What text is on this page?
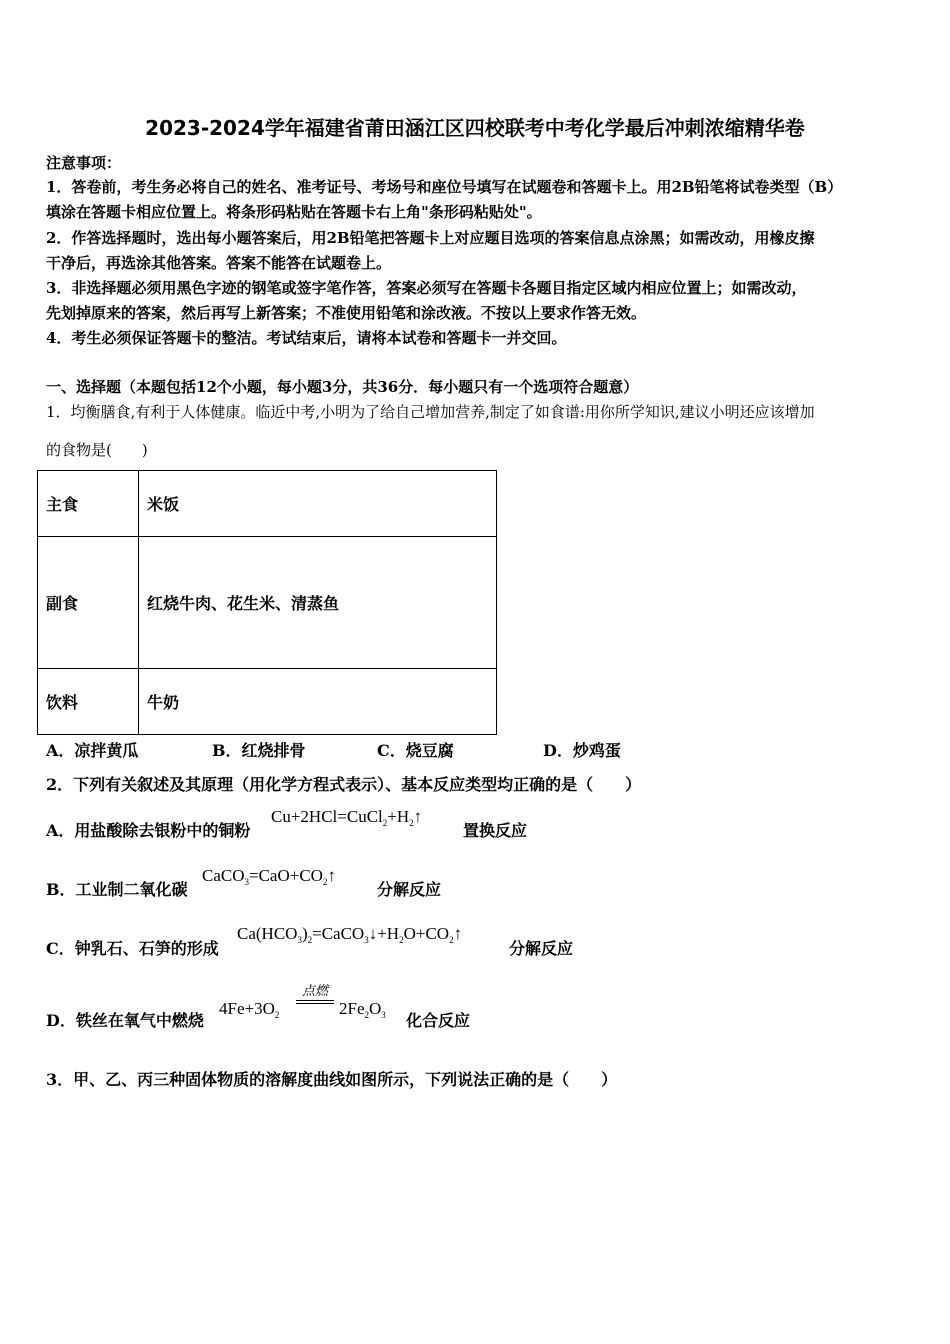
2023-2024学年福建省莆田涵江区四校联考中考化学最后冲刺浓缩精华卷
注意事项：
1．答卷前，考生务必将自己的姓名、准考证号、考场号和座位号填写在试题卷和答题卡上。用2B铅笔将试卷类型（B）
填涂在答题卡相应位置上。将条形码粘贴在答题卡右上角"条形码粘贴处"。
2．作答选择题时，选出每小题答案后，用2B铅笔把答题卡上对应题目选项的答案信息点涂黑；如需改动，用橡皮擦
干净后，再选涂其他答案。答案不能答在试题卷上。
3．非选择题必须用黑色字迹的钢笔或签字笔作答，答案必须写在答题卡各题目指定区域内相应位置上；如需改动，
先划掉原来的答案，然后再写上新答案；不准使用铅笔和涂改液。不按以上要求作答无效。
4．考生必须保证答题卡的整洁。考试结束后，请将本试卷和答题卡一并交回。
一、选择题（本题包括12个小题，每小题3分，共36分．每小题只有一个选项符合题意）
1．均衡膳食,有利于人体健康。临近中考,小明为了给自己增加营养,制定了如食谱:用你所学知识,建议小明还应该增加
的食物是(　　)
主食	米饭
副食	红烧牛肉、花生米、清蒸鱼
饮料	牛奶
A．凉拌黄瓜	B．红烧排骨	C．烧豆腐	D．炒鸡蛋
2．下列有关叙述及其原理（用化学方程式表示）、基本反应类型均正确的是（　　）
A．用盐酸除去银粉中的铜粉
$Cu+2HCl=CuCl_2+H_2↑$
置换反应
B．工业制二氧化碳
$CaCO_3=CaO+CO_2↑$
分解反应
C．钟乳石、石笋的形成
$Ca(HCO_3)_2=CaCO_3↓+H_2O+CO_2↑$
分解反应
D．铁丝在氧气中燃烧
$4Fe+3O_2$
点燃
$2Fe_2O_3$ 化合反应
3．甲、乙、丙三种固体物质的溶解度曲线如图所示，下列说法正确的是（　　）
